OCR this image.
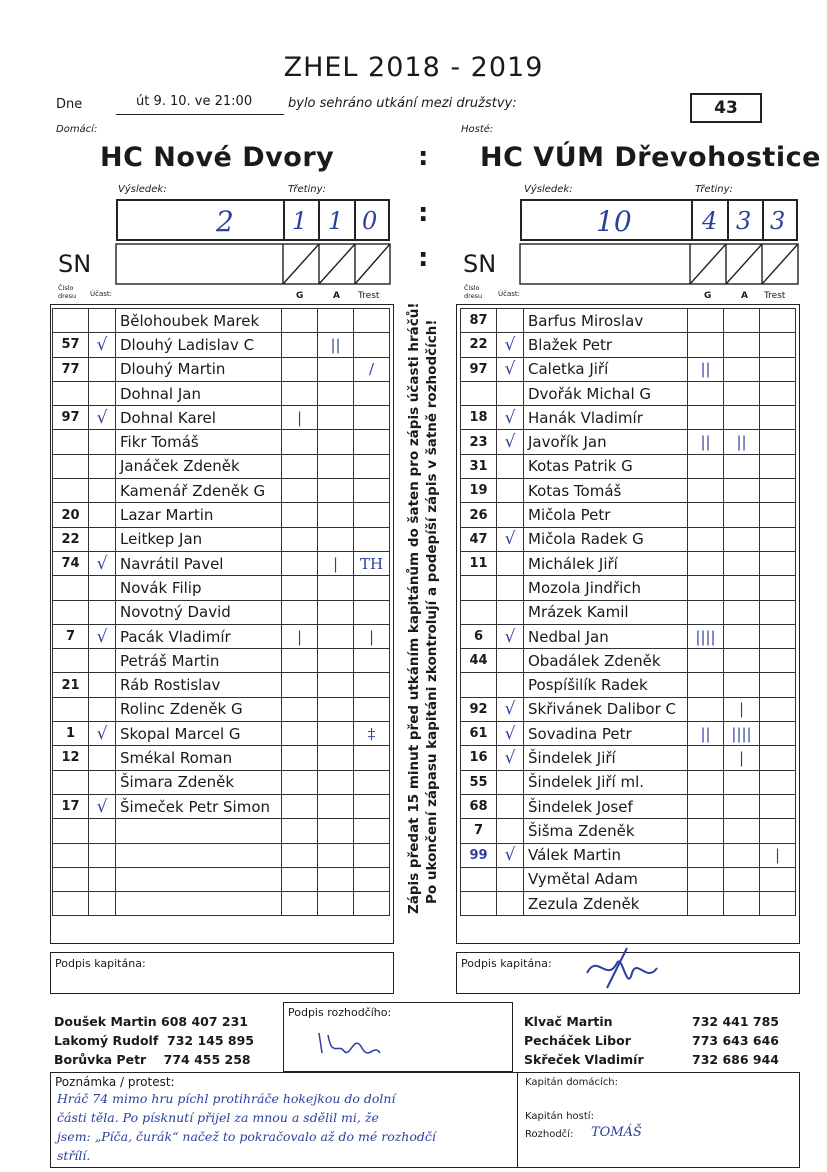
ZHEL 2018 - 2019
Dne	út 9. 10. ve 21:00	bylo sehráno utkání mezi družstvy:	43
Domácí:	Hosté:
HC Nové Dvory	: HC VÚM Dřevohostice
Výsledek:	Třetiny:	Výsledek:	Třetiny:
2 1 1 0 :	10	4 3 3
SN	: SN
Číslo dresu	Účast:	G	A Trest
Číslo dresu	Účast:	G	A Trest
		Bělohoubek Marek			
57	√	Dlouhý Ladislav C		||	
77		Dlouhý Martin			/
		Dohnal Jan			
97	√	Dohnal Karel	|		
		Fikr Tomáš			
		Janáček Zdeněk			
		Kamenář Zdeněk G			
20		Lazar Martin			
22		Leitkep Jan			
74	√	Navrátil Pavel		|	TH
		Novák Filip			
		Novotný David			
7	√	Pacák Vladimír	|		|
		Petráš Martin			
21		Ráb Rostislav			
		Rolinc Zdeněk G			
1	√	Skopal Marcel G			‡
12		Smékal Roman			
		Šimara Zdeněk			
17	√	Šimeček Petr Simon			

87		Barfus Miroslav			
22	√	Blažek Petr			
97	√	Caletka Jiří	||		
		Dvořák Michal G			
18	√	Hanák Vladimír			
23	√	Javořík Jan	||	||	
31		Kotas Patrik G			
19		Kotas Tomáš			
26		Mičola Petr			
47	√	Mičola Radek G			
11		Michálek Jiří			
		Mozola Jindřich			
		Mrázek Kamil			
6	√	Nedbal Jan	||||		
44		Obadálek Zdeněk			
		Pospíšilík Radek			
92	√	Skřivánek Dalibor C		|	
61	√	Sovadina Petr	||	||||	
16	√	Šindelek Jiří		|	
55		Šindelek Jiří ml.			
68		Šindelek Josef			
7		Šišma Zdeněk			
99	√	Válek Martin			|
		Vymětal Adam			
		Zezula Zdeněk			
Zápis předat 15 minut před utkáním kapitánům do šaten pro zápis účasti hráčů! Po ukončení zápasu kapitáni zkontrolují a podepíší zápis v šatně rozhodčích!
Podpis kapitána:	Podpis kapitána:
Doušek Martin 608 407 231
Lakomý Rudolf 732 145 895
Borůvka Petr 774 455 258
Podpis rozhodčího:
Klvač Martin
Pecháček Libor
Skřeček Vladimír
732 441 785
773 643 646
732 686 944
Poznámka / protest:	Kapitán domácích:
Kapitán hostí:
Rozhodčí: TOMÁŠ
Hráč 74 mimo hru píchl protihráče hokejkou do dolní
části těla. Po písknutí přijel za mnou a sdělil mi, že
jsem: „Píča, čurák“ načež to pokračovalo až do mé rozhodčí
střílí.
